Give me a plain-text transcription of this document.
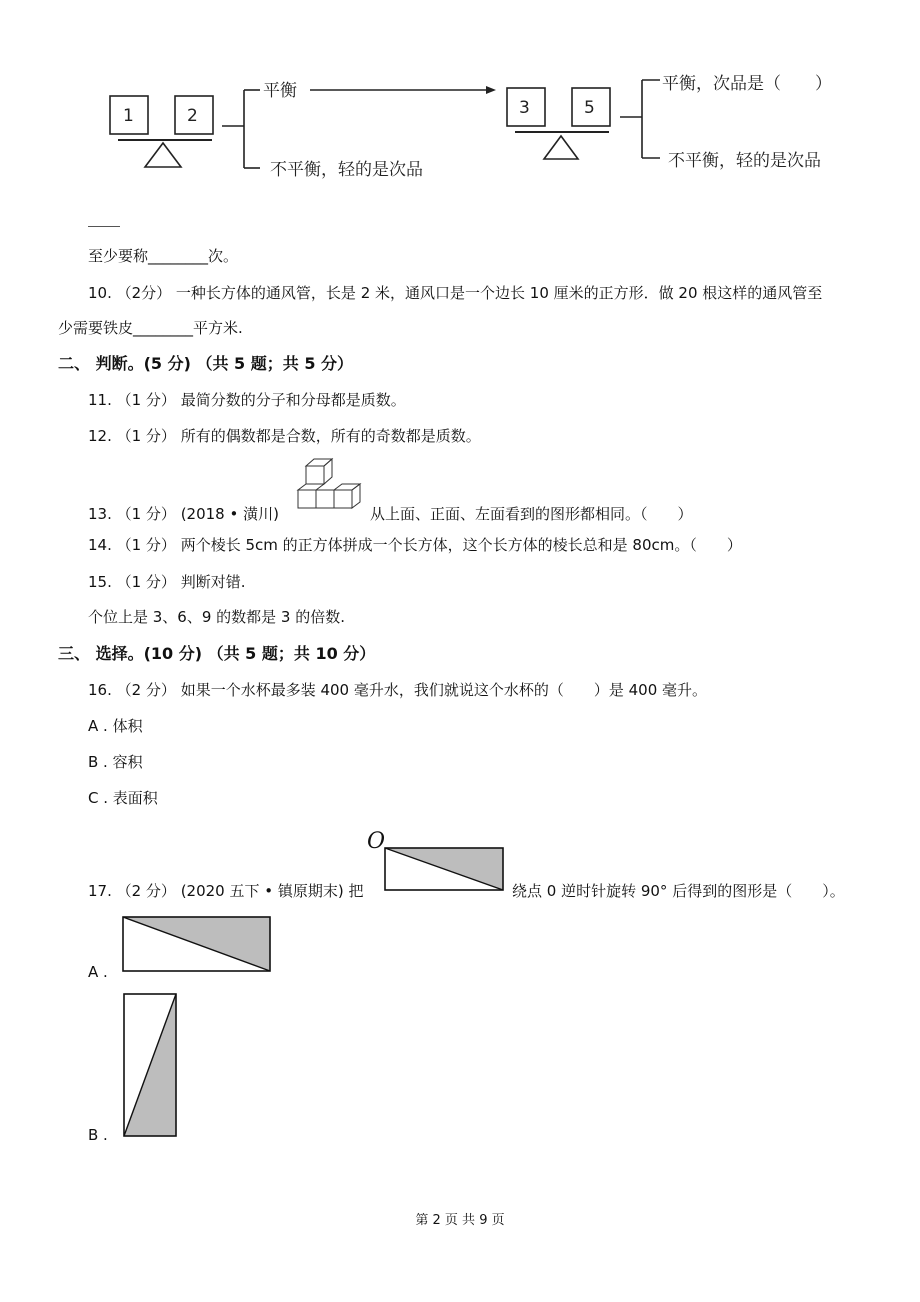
1	2
平衡
不平衡，轻的是次品
3	5
平衡，次品是（　　）
不平衡，轻的是次品
至少要称________次。
10. （2分） 一种长方体的通风管，长是 2 米，通风口是一个边长 10 厘米的正方形．做 20 根这样的通风管至
少需要铁皮________平方米.
二、 判断。(5 分) （共 5 题；共 5 分）
11. （1 分） 最简分数的分子和分母都是质数。
12. （1 分） 所有的偶数都是合数，所有的奇数都是质数。
13. （1 分） (2018 • 潢川)	从上面、正面、左面看到的图形都相同。（　　）
14. （1 分） 两个棱长 5cm 的正方体拼成一个长方体，这个长方体的棱长总和是 80cm。（　　）
15. （1 分） 判断对错.
个位上是 3、6、9 的数都是 3 的倍数.
三、 选择。(10 分) （共 5 题；共 10 分）
16. （2 分） 如果一个水杯最多装 400 毫升水，我们就说这个水杯的（　　）是 400 毫升。
A . 体积
B . 容积
C . 表面积
17. （2 分） (2020 五下 • 镇原期末) 把
O
绕点 0 逆时针旋转 90° 后得到的图形是（　　）。
A .
B .
第 2 页 共 9 页
